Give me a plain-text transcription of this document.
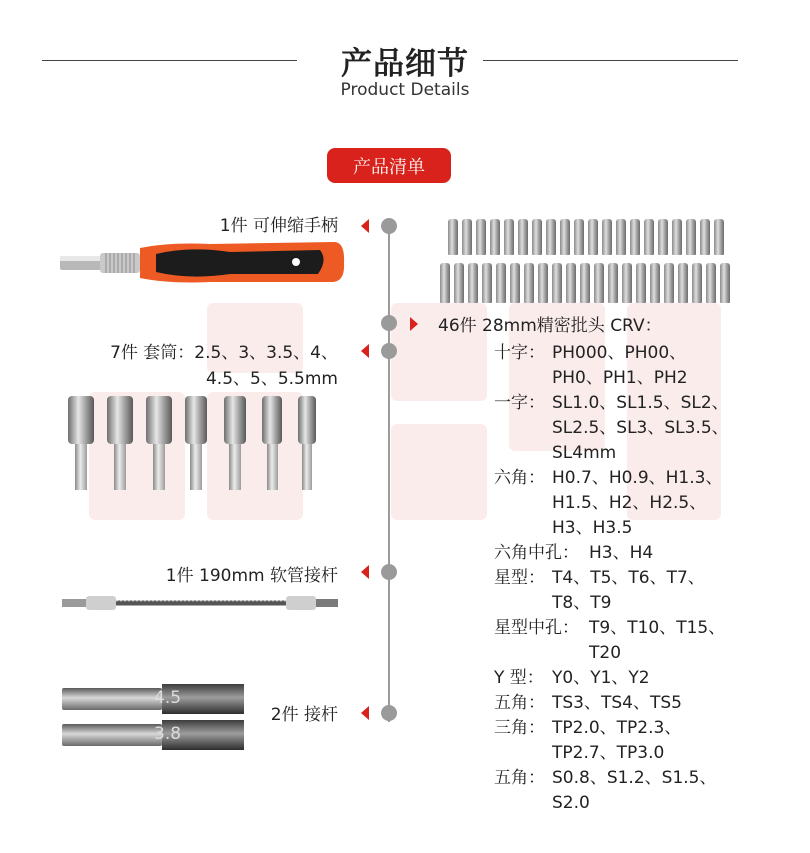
产品细节
Product Details
产品清单
1件 可伸缩手柄
7件 套筒：2.5、3、3.5、4、
4.5、5、5.5mm
1件 190mm 软管接杆
2件 接杆
4.5
3.8
46件 28mm精密批头 CRV：
十字： PH000、PH00、
PH0、PH1、PH2
一字： SL1.0、SL1.5、SL2、
SL2.5、SL3、SL3.5、
SL4mm
六角： H0.7、H0.9、H1.3、
H1.5、H2、H2.5、
H3、H3.5
六角中孔： H3、H4
星型： T4、T5、T6、T7、
T8、T9
星型中孔： T9、T10、T15、
T20
Y 型： Y0、Y1、Y2
五角： TS3、TS4、TS5
三角： TP2.0、TP2.3、
TP2.7、TP3.0
五角： S0.8、S1.2、S1.5、
S2.0
